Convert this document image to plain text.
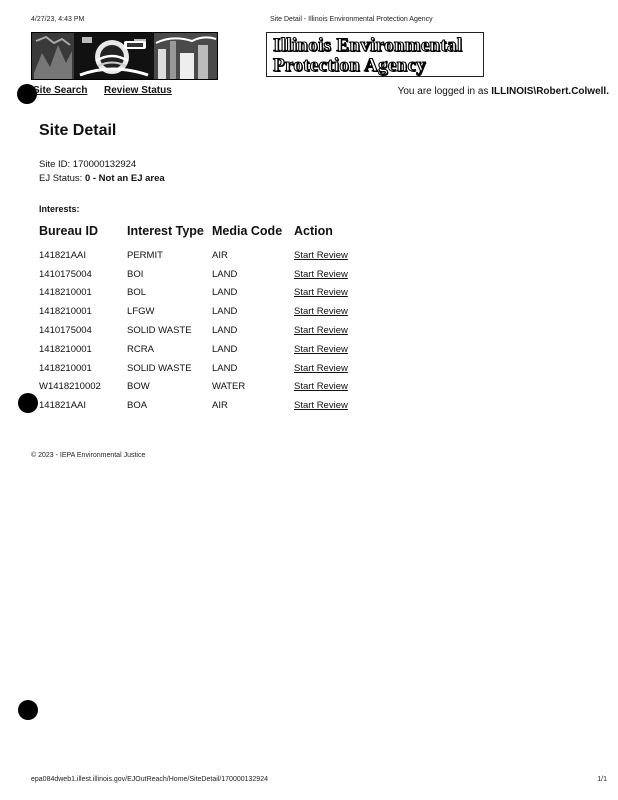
4/27/23, 4:43 PM	Site Detail - Illinois Environmental Protection Agency
Illinois Environmental
Protection Agency
Site Search Review Status	You are logged in as ILLINOIS\Robert.Colwell.
Site Detail
Site ID: 170000132924
EJ Status: 0 - Not an EJ area
Interests:
Bureau ID	Interest Type	Media Code	Action
141821AAI	PERMIT	AIR	Start Review
1410175004	BOI	LAND	Start Review
1418210001	BOL	LAND	Start Review
1418210001	LFGW	LAND	Start Review
1410175004	SOLID WASTE	LAND	Start Review
1418210001	RCRA	LAND	Start Review
1418210001	SOLID WASTE	LAND	Start Review
W1418210002	BOW	WATER	Start Review
141821AAI	BOA	AIR	Start Review
© 2023 - IEPA Environmental Justice
epa084dweb1.illest.illinois.gov/EJOutReach/Home/SiteDetail/170000132924	1/1
